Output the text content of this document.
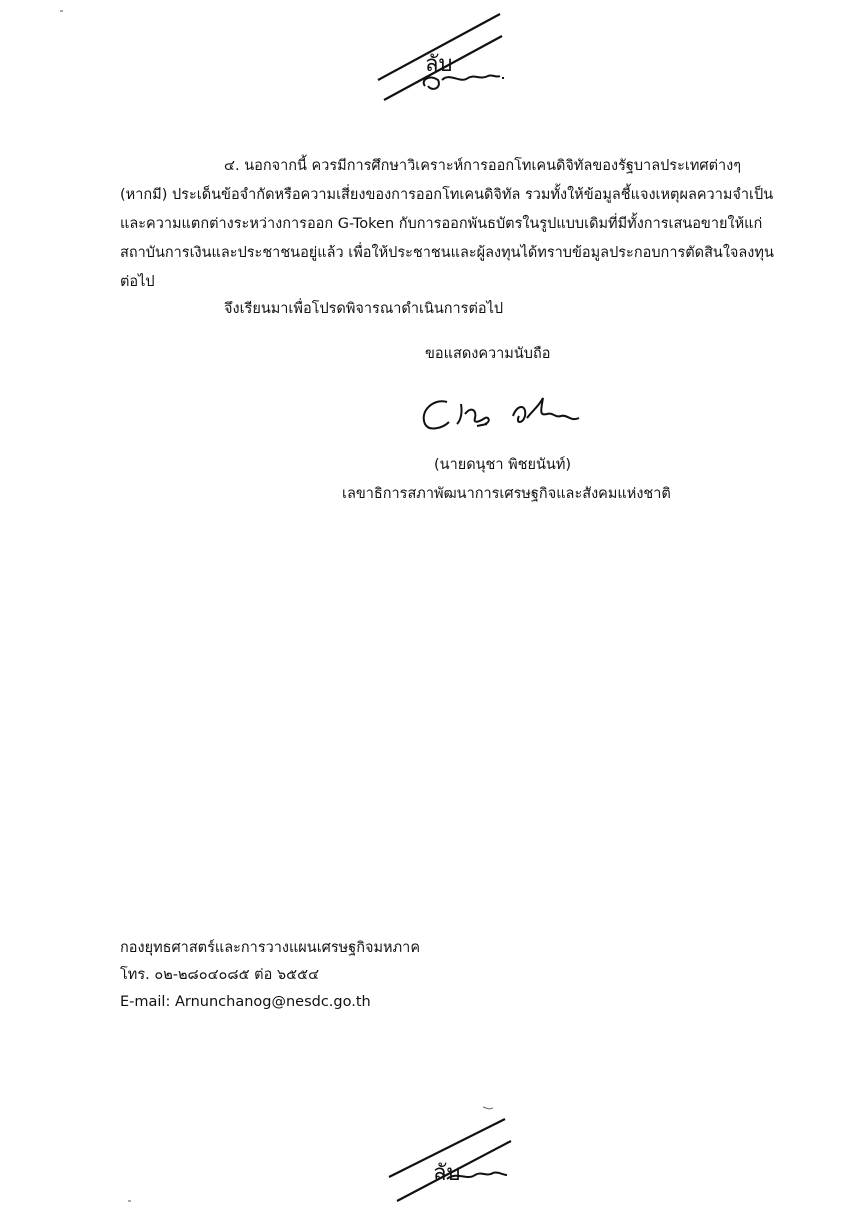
ลับ
๔. นอกจากนี้ ควรมีการศึกษาวิเคราะห์การออกโทเคนดิจิทัลของรัฐบาลประเทศต่างๆ
(หากมี) ประเด็นข้อจำกัดหรือความเสี่ยงของการออกโทเคนดิจิทัล รวมทั้งให้ข้อมูลชี้แจงเหตุผลความจำเป็น
และความแตกต่างระหว่างการออก G-Token กับการออกพันธบัตรในรูปแบบเดิมที่มีทั้งการเสนอขายให้แก่
สถาบันการเงินและประชาชนอยู่แล้ว เพื่อให้ประชาชนและผู้ลงทุนได้ทราบข้อมูลประกอบการตัดสินใจลงทุน
ต่อไป
จึงเรียนมาเพื่อโปรดพิจารณาดำเนินการต่อไป
ขอแสดงความนับถือ
(นายดนุชา พิชยนันท์)
เลขาธิการสภาพัฒนาการเศรษฐกิจและสังคมแห่งชาติ
กองยุทธศาสตร์และการวางแผนเศรษฐกิจมหภาค
โทร. ๐๒-๒๘๐๔๐๘๕ ต่อ ๖๕๕๔
E-mail: Arnunchanog@nesdc.go.th
ลับ
